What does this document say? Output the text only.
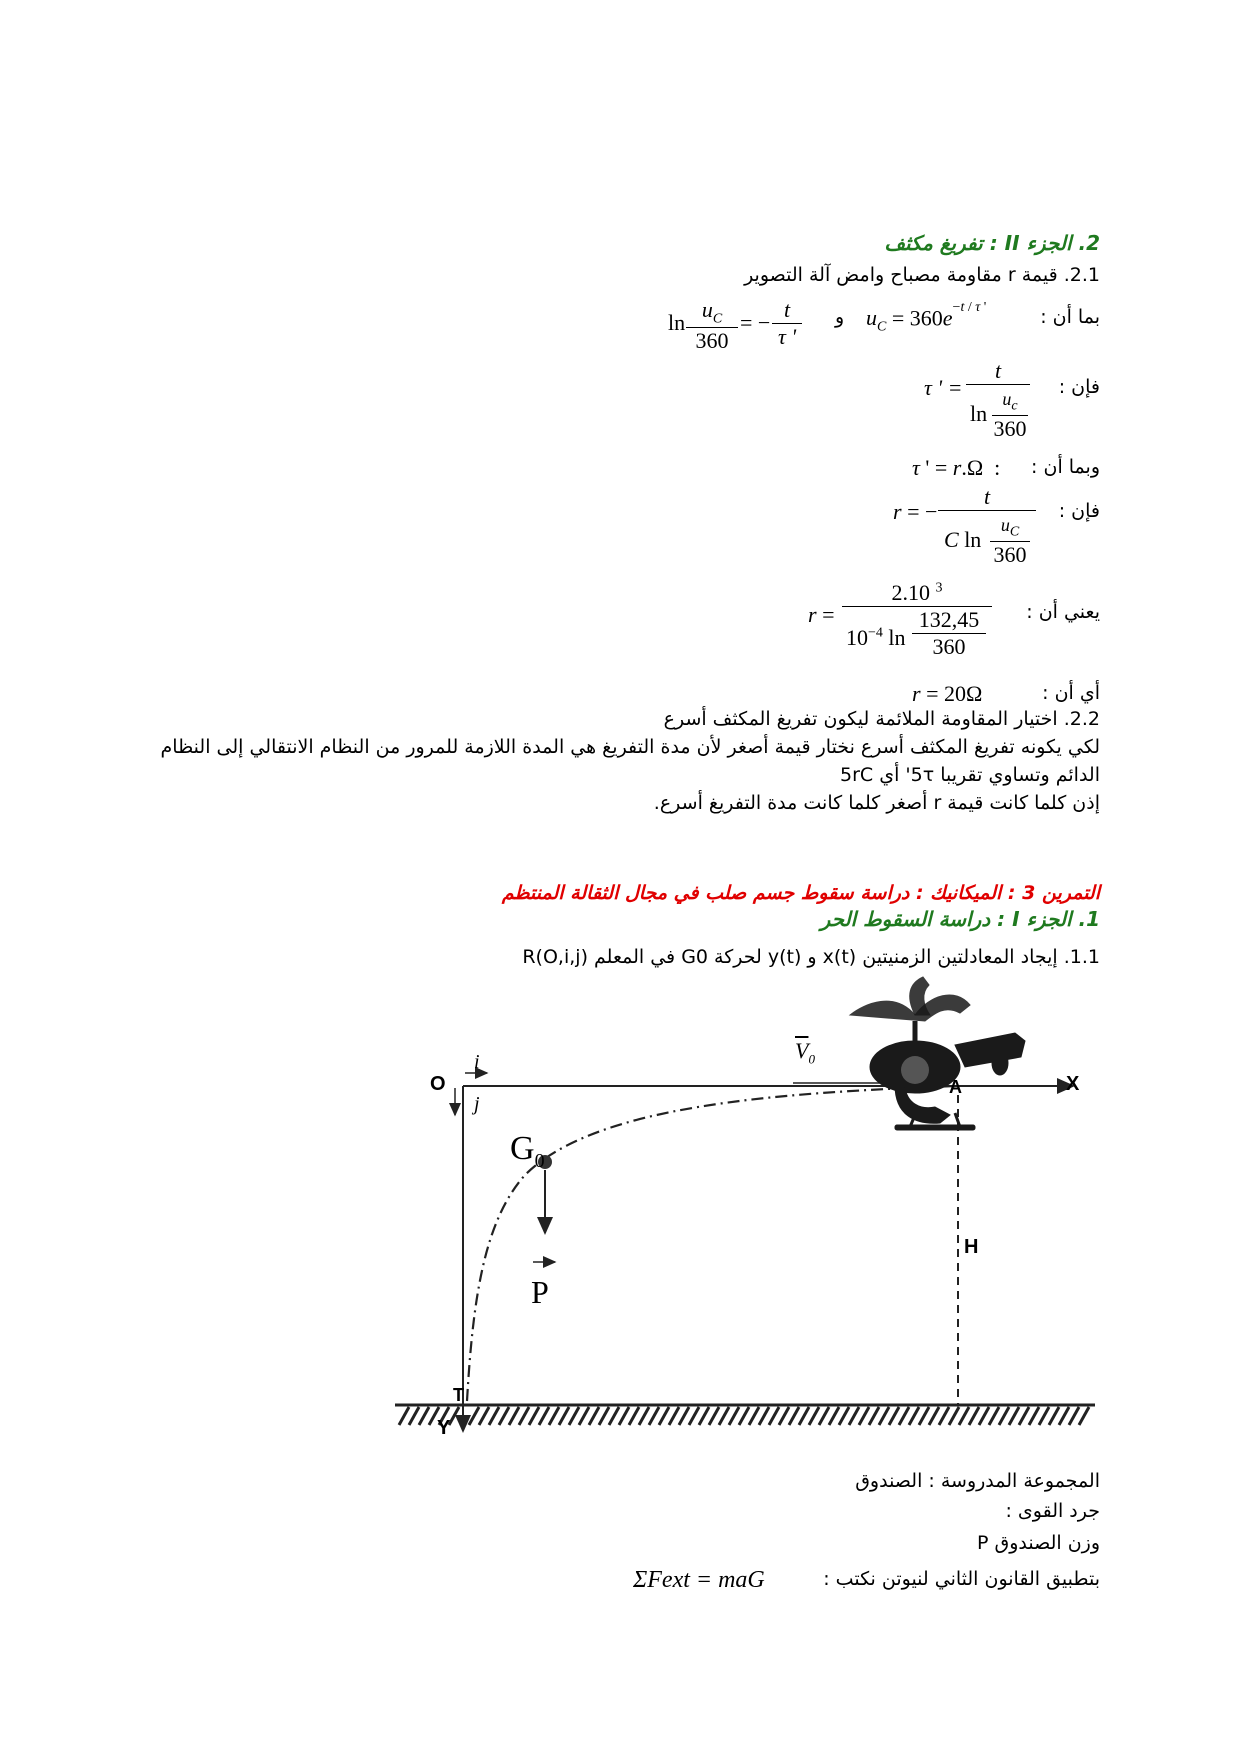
2. الجزء II : تفريغ مكثف
2.1. قيمة r مقاومة مصباح وامض آلة التصوير
بما أن :
$u_C = 360e^{-t / \tau '}$
و
ln
$u_C$
360
= −
t
τ '
فإن :
τ ' =
t
ln
$u_c$
360
وبما أن :
τ ' = r.Ω  :
فإن :
r = −
t
C ln
$u_C$
360
يعني أن :
r =
2.10 $^3$
$10^{-4}$ ln
132,45
360
أي أن :
r = 20Ω
2.2. اختيار المقاومة الملائمة ليكون تفريغ المكثف أسرع
لكي يكونه تفريغ المكثف أسرع نختار قيمة أصغر لأن مدة التفريغ هي المدة اللازمة للمرور من النظام الانتقالي إلى النظام
الدائم وتساوي تقريبا 5τ' أي 5rC
إذن كلما كانت قيمة r أصغر كلما كانت مدة التفريغ أسرع.
التمرين 3 : الميكانيك : دراسة سقوط جسم صلب في مجال الثقالة المنتظم
1. الجزء I : دراسة السقوط الحر
1.1. إيجاد المعادلتين الزمنيتين x(t) و y(t) لحركة G0 في المعلم R(O,i,j)
O
i
j
X
Y
A
H
T
$G_0$
P
$\overline{V}_0$
المجموعة المدروسة : الصندوق
جرد القوى :
P وزن الصندوق
بتطبيق القانون الثاني لنيوتن نكتب :
ΣFext = maG
